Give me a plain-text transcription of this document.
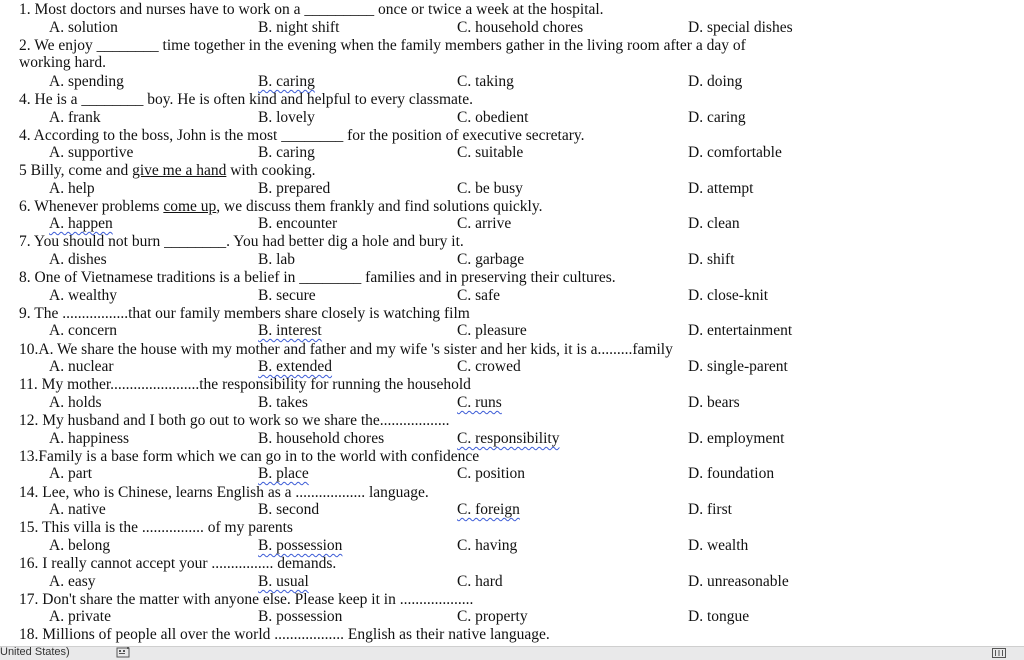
1. Most doctors and nurses have to work on a _________ once or twice a week at the hospital.
A. solution	B. night shift	C. household chores	D. special dishes
2. We enjoy ________ time together in the evening when the family members gather in the living room after a day of
working hard.
A. spending	B. caring	C. taking	D. doing
4. He is a ________ boy. He is often kind and helpful to every classmate.
A. frank	B. lovely	C. obedient	D. caring
4. According to the boss, John is the most ________ for the position of executive secretary.
A. supportive	B. caring	C. suitable	D. comfortable
5 Billy, come and give me a hand with cooking.
A. help	B. prepared	C. be busy	D. attempt
6. Whenever problems come up, we discuss them frankly and find solutions quickly.
A. happen	B. encounter	C. arrive	D. clean
7. You should not burn ________. You had better dig a hole and bury it.
A. dishes	B. lab	C. garbage	D. shift
8. One of Vietnamese traditions is a belief in ________ families and in preserving their cultures.
A. wealthy	B. secure	C. safe	D. close-knit
9. The .................that our family members share closely is watching film
A. concern	B. interest	C. pleasure	D. entertainment
10.A. We share the house with my mother and father and my wife 's sister and her kids, it is a.........family
A. nuclear	B. extended	C. crowed	D. single-parent
11. My mother.......................the responsibility for running the household
A. holds	B. takes	C. runs	D. bears
12. My husband and I both go out to work so we share the..................
A. happiness	B. household chores	C. responsibility	D. employment
13.Family is a base form which we can go in to the world with confidence
A. part	B. place	C. position	D. foundation
14. Lee, who is Chinese, learns English as a .................. language.
A. native	B. second	C. foreign	D. first
15. This villa is the ................ of my parents
A. belong	B. possession	C. having	D. wealth
16. I really cannot accept your ................ demands.
A. easy	B. usual	C. hard	D. unreasonable
17. Don't share the matter with anyone else. Please keep it in ...................
A. private	B. possession	C. property	D. tongue
18. Millions of people all over the world .................. English as their native language.
United States)
